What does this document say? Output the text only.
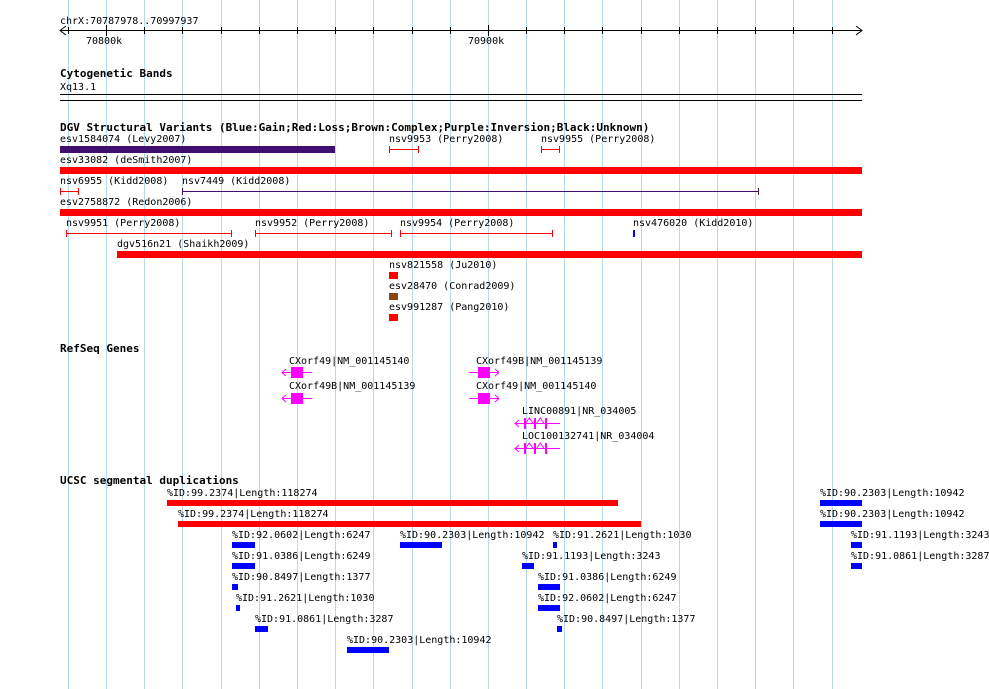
chrX:70787978..70997937
70800k	70900k
Cytogenetic Bands
Xq13.1
DGV Structural Variants (Blue:Gain;Red:Loss;Brown:Complex;Purple:Inversion;Black:Unknown)
RefSeq Genes
UCSC segmental duplications
esv1584074 (Levy2007)	nsv9953 (Perry2008)	nsv9955 (Perry2008)
esv33082 (deSmith2007)
nsv6955 (Kidd2008) nsv7449 (Kidd2008)
esv2758872 (Redon2006)
nsv9951 (Perry2008)	nsv9952 (Perry2008)	nsv9954 (Perry2008)	nsv476020 (Kidd2010)
dgv516n21 (Shaikh2009)
nsv821558 (Ju2010)
esv28470 (Conrad2009)
esv991287 (Pang2010)
CXorf49|NM_001145140	CXorf49B|NM_001145139
CXorf49B|NM_001145139	CXorf49|NM_001145140
LINC00891|NR_034005
LOC100132741|NR_034004
%ID:99.2374|Length:118274	%ID:90.2303|Length:10942
%ID:99.2374|Length:118274	%ID:90.2303|Length:10942
%ID:92.0602|Length:6247	%ID:90.2303|Length:10942 %ID:91.2621|Length:1030	%ID:91.1193|Length:3243
%ID:91.0386|Length:6249	%ID:91.1193|Length:3243	%ID:91.0861|Length:3287
%ID:90.8497|Length:1377	%ID:91.0386|Length:6249
%ID:91.2621|Length:1030	%ID:92.0602|Length:6247
%ID:91.0861|Length:3287	%ID:90.8497|Length:1377
%ID:90.2303|Length:10942
